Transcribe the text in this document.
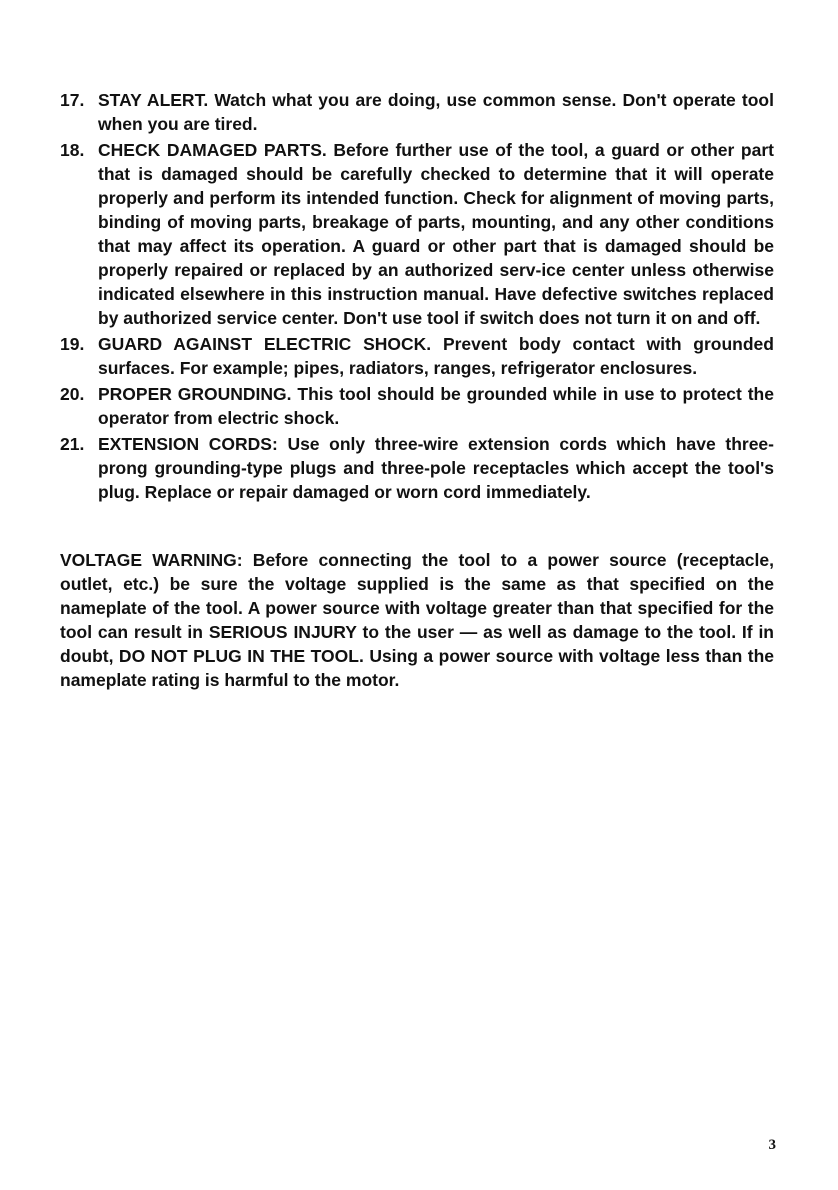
17. STAY ALERT. Watch what you are doing, use common sense. Don't operate tool when you are tired.
18. CHECK DAMAGED PARTS. Before further use of the tool, a guard or other part that is damaged should be carefully checked to determine that it will operate properly and perform its intended function. Check for alignment of moving parts, binding of moving parts, breakage of parts, mounting, and any other conditions that may affect its operation. A guard or other part that is damaged should be properly repaired or replaced by an authorized serv-ice center unless otherwise indicated elsewhere in this instruction manual. Have defective switches replaced by authorized service center. Don't use tool if switch does not turn it on and off.
19. GUARD AGAINST ELECTRIC SHOCK. Prevent body contact with grounded surfaces. For example; pipes, radiators, ranges, refrigerator enclosures.
20. PROPER GROUNDING. This tool should be grounded while in use to protect the operator from electric shock.
21. EXTENSION CORDS: Use only three-wire extension cords which have three-prong grounding-type plugs and three-pole receptacles which accept the tool's plug. Replace or repair damaged or worn cord immediately.

VOLTAGE WARNING: Before connecting the tool to a power source (receptacle, outlet, etc.) be sure the voltage supplied is the same as that specified on the nameplate of the tool. A power source with voltage greater than that specified for the tool can result in SERIOUS INJURY to the user — as well as damage to the tool. If in doubt, DO NOT PLUG IN THE TOOL. Using a power source with voltage less than the nameplate rating is harmful to the motor.

3
